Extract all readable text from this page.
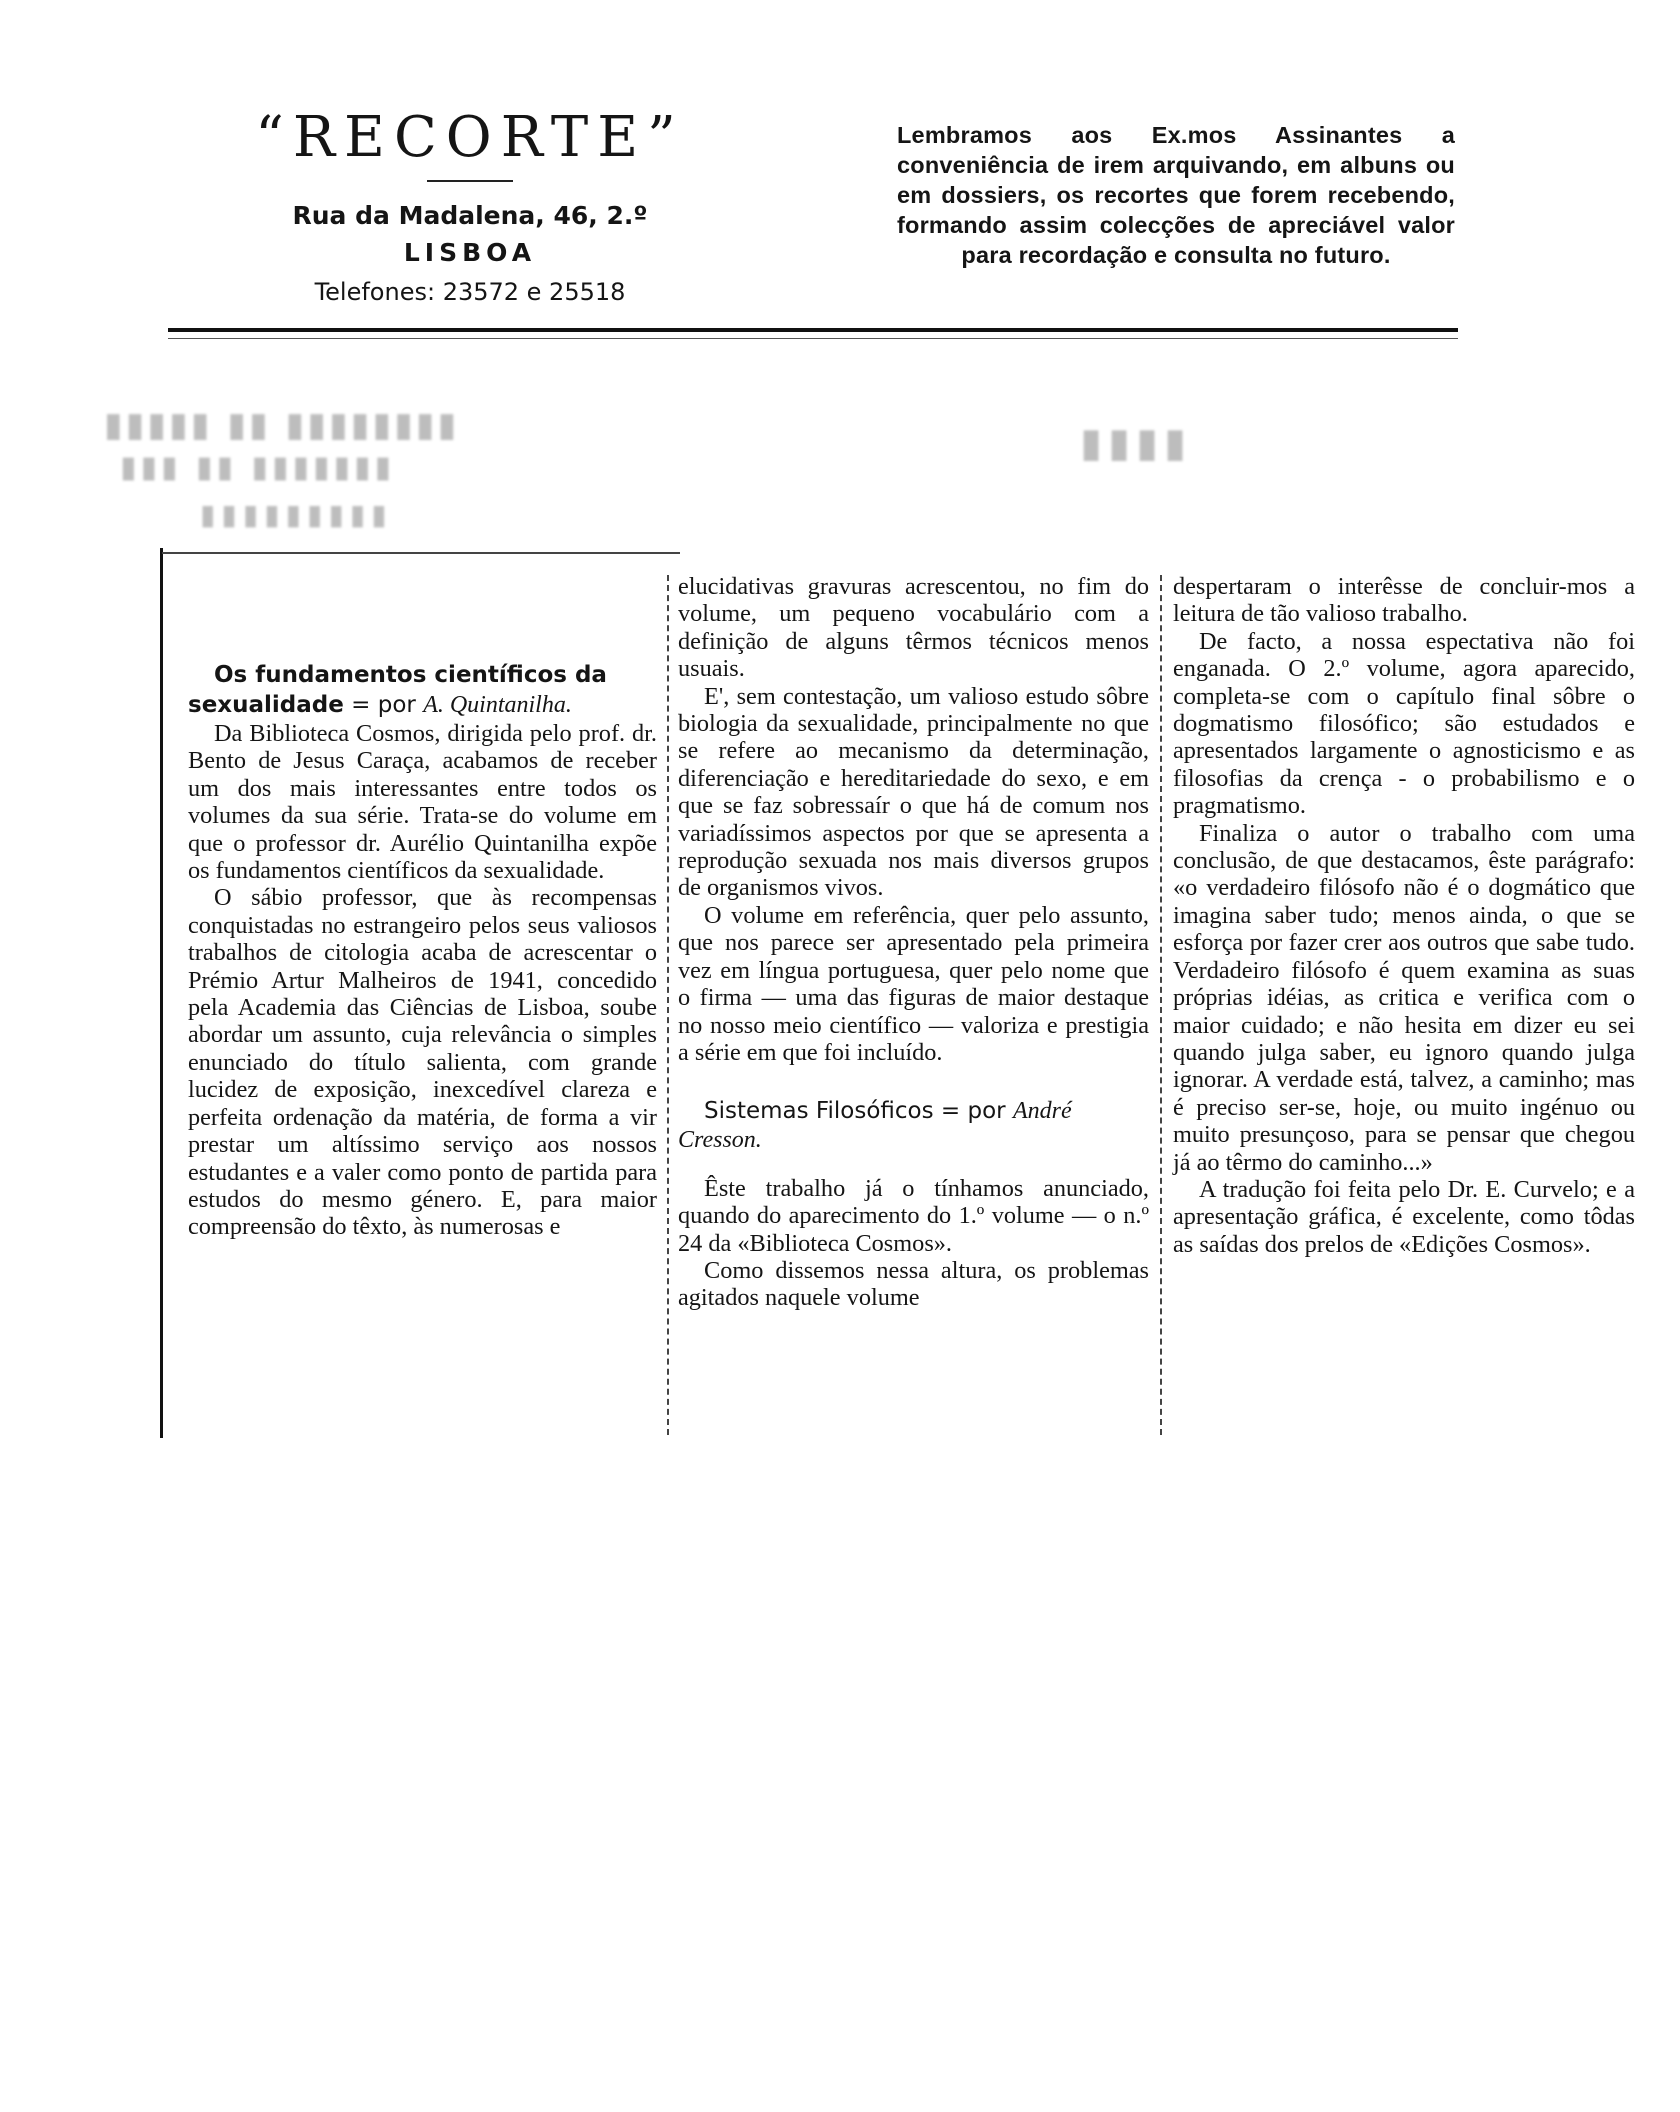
“RECORTE”
Rua da Madalena, 46, 2.º
LISBOA
Telefones: 23572 e 25518
Lembramos aos Ex.mos Assinantes a conveniência de irem arquivando, em albuns ou em dossiers, os recortes que forem recebendo, formando assim colecções de apreciável valor para recordação e consulta no futuro.
▮▮▮▮▮ ▮▮ ▮▮▮▮▮▮▮▮
▮▮▮ ▮▮ ▮▮▮▮▮▮▮
▮▮▮▮▮▮▮▮▮
▮▮▮▮

Os fundamentos científicos da sexualidade = por A. Quintanilha.

Da Biblioteca Cosmos, dirigida pelo prof. dr. Bento de Jesus Caraça, acabamos de receber um dos mais interessantes entre todos os volumes da sua série. Trata-se do volume em que o professor dr. Aurélio Quintanilha expõe os fundamentos científicos da sexualidade.

O sábio professor, que às recompensas conquistadas no estrangeiro pelos seus valiosos trabalhos de citologia acaba de acrescentar o Prémio Artur Malheiros de 1941, concedido pela Academia das Ciências de Lisboa, soube abordar um assunto, cuja relevância o simples enunciado do título salienta, com grande lucidez de exposição, inexcedível clareza e perfeita ordenação da matéria, de forma a vir prestar um altíssimo serviço aos nossos estudantes e a valer como ponto de partida para estudos do mesmo género. E, para maior compreensão do têxto, às numerosas e

elucidativas gravuras acrescentou, no fim do volume, um pequeno vocabulário com a definição de alguns têrmos técnicos menos usuais.

E', sem contestação, um valioso estudo sôbre biologia da sexualidade, principalmente no que se refere ao mecanismo da determinação, diferenciação e hereditariedade do sexo, e em que se faz sobressaír o que há de comum nos variadíssimos aspectos por que se apresenta a reprodução sexuada nos mais diversos grupos de organismos vivos.

O volume em referência, quer pelo assunto, que nos parece ser apresentado pela primeira vez em língua portuguesa, quer pelo nome que o firma — uma das figuras de maior destaque no nosso meio científico — valoriza e prestigia a série em que foi incluído.

Sistemas Filosóficos = por André Cresson.

Êste trabalho já o tínhamos anunciado, quando do aparecimento do 1.º volume — o n.º 24 da «Biblioteca Cosmos».

Como dissemos nessa altura, os problemas agitados naquele volume

despertaram o interêsse de concluir-mos a leitura de tão valioso trabalho.

De facto, a nossa espectativa não foi enganada. O 2.º volume, agora aparecido, completa-se com o capítulo final sôbre o dogmatismo filosófico; são estudados e apresentados largamente o agnosticismo e as filosofias da crença - o probabilismo e o pragmatismo.

Finaliza o autor o trabalho com uma conclusão, de que destacamos, êste parágrafo: «o verdadeiro filósofo não é o dogmático que imagina saber tudo; menos ainda, o que se esforça por fazer crer aos outros que sabe tudo. Verdadeiro filósofo é quem examina as suas próprias idéias, as critica e verifica com o maior cuidado; e não hesita em dizer eu sei quando julga saber, eu ignoro quando julga ignorar. A verdade está, talvez, a caminho; mas é preciso ser-se, hoje, ou muito ingénuo ou muito presunçoso, para se pensar que chegou já ao têrmo do caminho...»

A tradução foi feita pelo Dr. E. Curvelo; e a apresentação gráfica, é excelente, como tôdas as saídas dos prelos de «Edições Cosmos».
